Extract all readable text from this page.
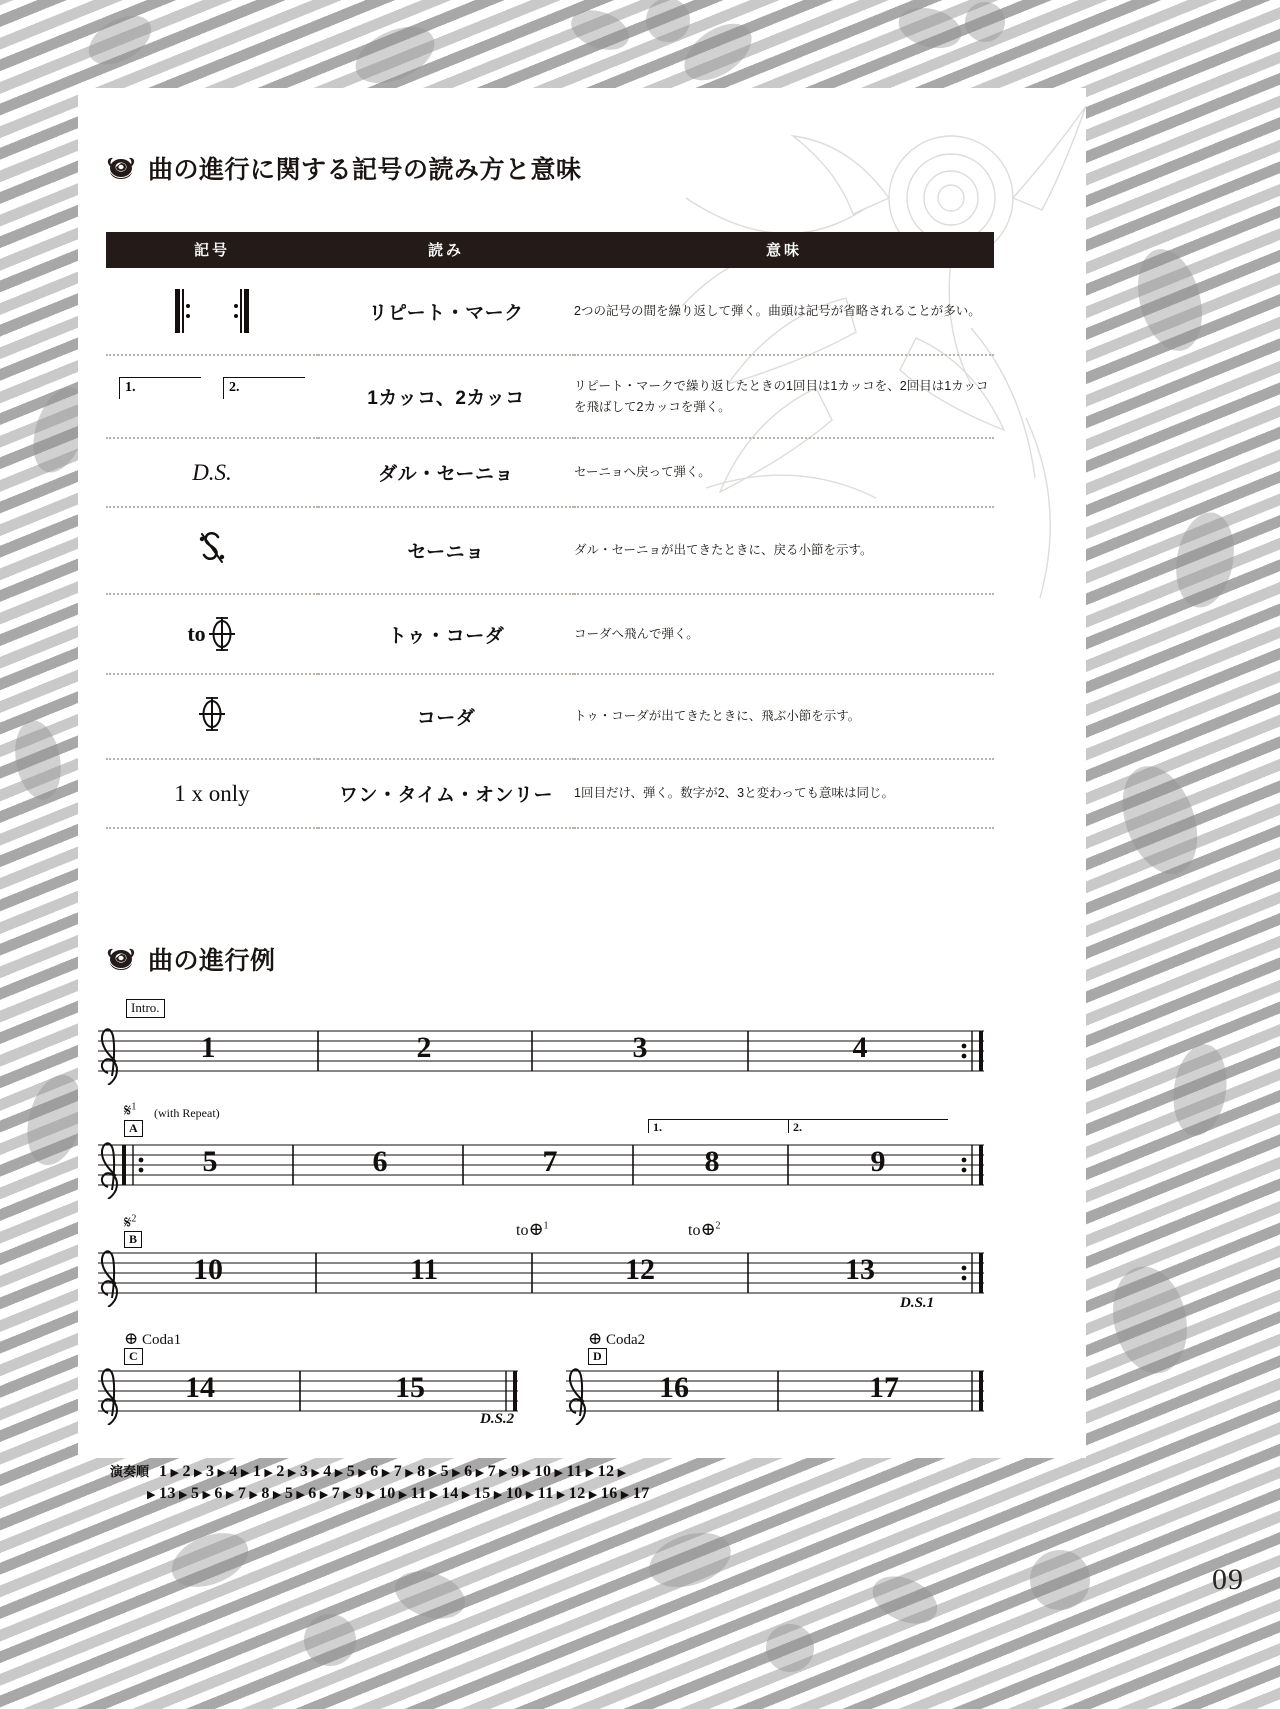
曲の進行に関する記号の読み方と意味
記号	読み	意味

	リピート・マーク	2つの記号の間を繰り返して弾く。曲頭は記号が省略されることが多い。

1. 2.	1カッコ、2カッコ	リピート・マークで繰り返したときの1回目は1カッコを、2回目は1カッコを飛ばして2カッコを弾く。
D.S.	ダル・セーニョ	セーニョへ戻って弾く。
	セーニョ	ダル・セーニョが出てきたときに、戻る小節を示す。

to	トゥ・コーダ	コーダへ飛んで弾く。
	コーダ	トゥ・コーダが出てきたときに、飛ぶ小節を示す。
1 x only	ワン・タイム・オンリー	1回目だけ、弾く。数字が2、3と変わっても意味は同じ。
曲の進行例
Intro.
1	2	3	4
𝄋$^1$ (with Repeat)
A	1.	2.
5	6	7	8	9
𝄋$^2$
B	to⊕$^1$	to⊕$^2$
D.S.1
10	11	12	13
⊕ Coda1
C
D.S.2
⊕ Coda2
D
14	15	16	17
演奏順 1 ▶ 2 ▶ 3 ▶ 4 ▶ 1 ▶ 2 ▶ 3 ▶ 4 ▶ 5 ▶ 6 ▶ 7 ▶ 8 ▶ 5 ▶ 6 ▶ 7 ▶ 9 ▶ 10 ▶ 11 ▶ 12 ▶
▶ 13 ▶ 5 ▶ 6 ▶ 7 ▶ 8 ▶ 5 ▶ 6 ▶ 7 ▶ 9 ▶ 10 ▶ 11 ▶ 14 ▶ 15 ▶ 10 ▶ 11 ▶ 12 ▶ 16 ▶ 17
09
